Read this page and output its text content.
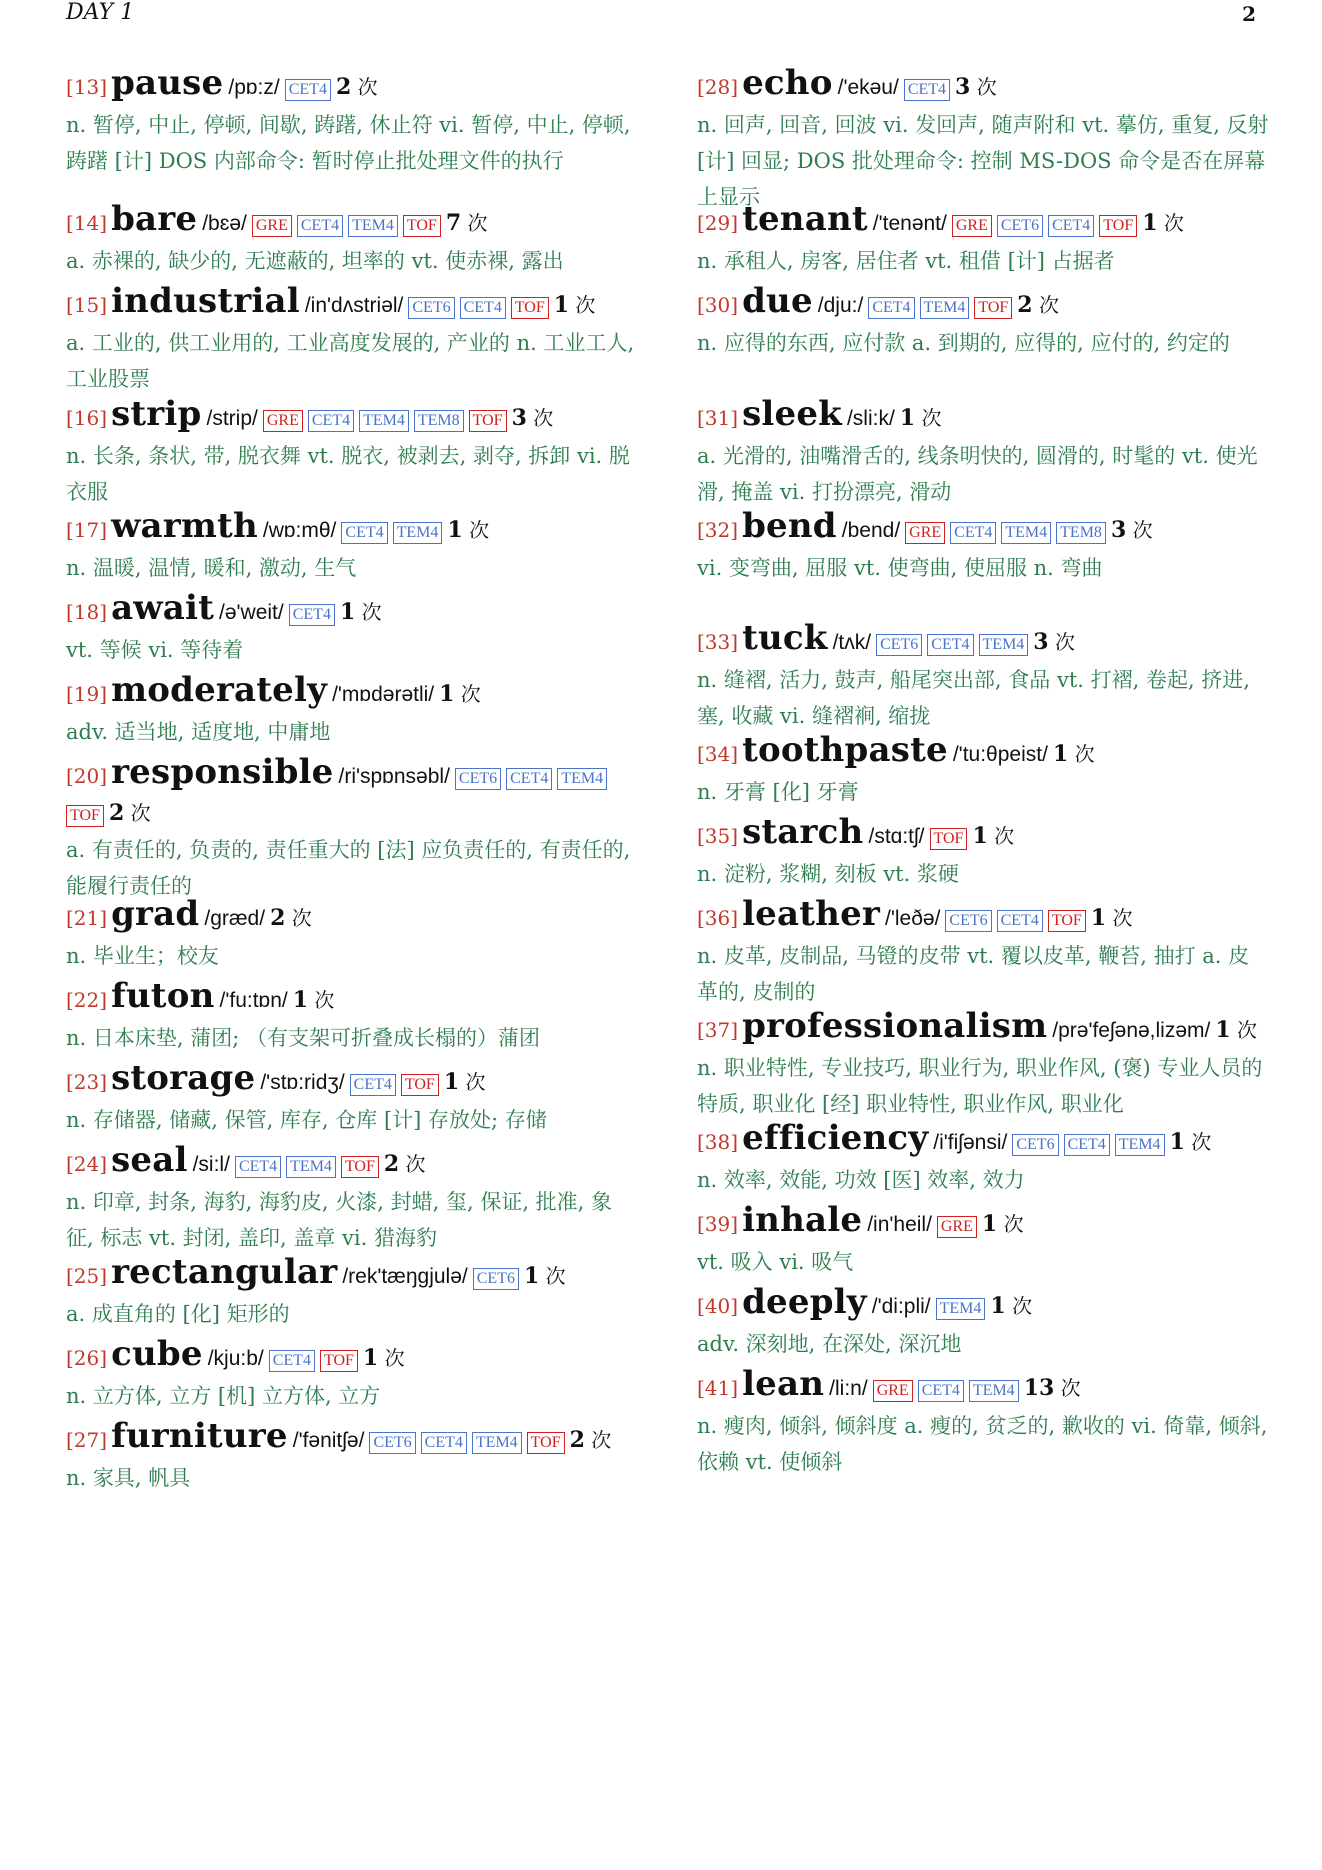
DAY 1	2
[13] pause /pɒ:z/ CET4 2 次
n. 暂停, 中止, 停顿, 间歇, 踌躇, 休止符 vi. 暂停, 中止, 停顿, 踌躇 [计] DOS 内部命令: 暂时停止批处理文件的执行
[14] bare /bɛə/ GRE CET4 TEM4 TOF 7 次
a. 赤裸的, 缺少的, 无遮蔽的, 坦率的 vt. 使赤裸, 露出
[15] industrial /in'dʌstriəl/ CET6 CET4 TOF 1 次
a. 工业的, 供工业用的, 工业高度发展的, 产业的 n. 工业工人, 工业股票
[16] strip /strip/ GRE CET4 TEM4 TEM8 TOF 3 次
n. 长条, 条状, 带, 脱衣舞 vt. 脱衣, 被剥去, 剥夺, 拆卸 vi. 脱衣服
[17] warmth /wɒ:mθ/ CET4 TEM4 1 次
n. 温暖, 温情, 暖和, 激动, 生气
[18] await /ə'weit/ CET4 1 次
vt. 等候 vi. 等待着
[19] moderately /'mɒdərətli/ 1 次
adv. 适当地, 适度地, 中庸地
[20] responsible /ri'spɒnsəbl/ CET6 CET4 TEM4
TOF 2 次
a. 有责任的, 负责的, 责任重大的 [法] 应负责任的, 有责任的, 能履行责任的
[21] grad /græd/ 2 次
n. 毕业生；校友
[22] futon /'fu:tɒn/ 1 次
n. 日本床垫, 蒲团; （有支架可折叠成长榻的）蒲团
[23] storage /'stɒ:ridʒ/ CET4 TOF 1 次
n. 存储器, 储藏, 保管, 库存, 仓库 [计] 存放处; 存储
[24] seal /si:l/ CET4 TEM4 TOF 2 次
n. 印章, 封条, 海豹, 海豹皮, 火漆, 封蜡, 玺, 保证, 批准, 象征, 标志 vt. 封闭, 盖印, 盖章 vi. 猎海豹
[25] rectangular /rek'tæŋgjulə/ CET6 1 次
a. 成直角的 [化] 矩形的
[26] cube /kju:b/ CET4 TOF 1 次
n. 立方体, 立方 [机] 立方体, 立方
[27] furniture /'fənitʃə/ CET6 CET4 TEM4 TOF 2 次
n. 家具, 帆具
[28] echo /'ekəu/ CET4 3 次
n. 回声, 回音, 回波 vi. 发回声, 随声附和 vt. 摹仿, 重复, 反射 [计] 回显; DOS 批处理命令: 控制 MS-DOS 命令是否在屏幕上显示
[29] tenant /'tenənt/ GRE CET6 CET4 TOF 1 次
n. 承租人, 房客, 居住者 vt. 租借 [计] 占据者
[30] due /dju:/ CET4 TEM4 TOF 2 次
n. 应得的东西, 应付款 a. 到期的, 应得的, 应付的, 约定的
[31] sleek /sli:k/ 1 次
a. 光滑的, 油嘴滑舌的, 线条明快的, 圆滑的, 时髦的 vt. 使光滑, 掩盖 vi. 打扮漂亮, 滑动
[32] bend /bend/ GRE CET4 TEM4 TEM8 3 次
vi. 变弯曲, 屈服 vt. 使弯曲, 使屈服 n. 弯曲
[33] tuck /tʌk/ CET6 CET4 TEM4 3 次
n. 缝褶, 活力, 鼓声, 船尾突出部, 食品 vt. 打褶, 卷起, 挤进, 塞, 收藏 vi. 缝褶裥, 缩拢
[34] toothpaste /'tu:θpeist/ 1 次
n. 牙膏 [化] 牙膏
[35] starch /stɑ:tʃ/ TOF 1 次
n. 淀粉, 浆糊, 刻板 vt. 浆硬
[36] leather /'leðə/ CET6 CET4 TOF 1 次
n. 皮革, 皮制品, 马镫的皮带 vt. 覆以皮革, 鞭苔, 抽打 a. 皮革的, 皮制的
[37] professionalism /prə'feʃənə,lizəm/ 1 次
n. 职业特性, 专业技巧, 职业行为, 职业作风, (褒) 专业人员的特质, 职业化 [经] 职业特性, 职业作风, 职业化
[38] efficiency /i'fiʃənsi/ CET6 CET4 TEM4 1 次
n. 效率, 效能, 功效 [医] 效率, 效力
[39] inhale /in'heil/ GRE 1 次
vt. 吸入 vi. 吸气
[40] deeply /'di:pli/ TEM4 1 次
adv. 深刻地, 在深处, 深沉地
[41] lean /li:n/ GRE CET4 TEM4 13 次
n. 瘦肉, 倾斜, 倾斜度 a. 瘦的, 贫乏的, 歉收的 vi. 倚靠, 倾斜, 依赖 vt. 使倾斜
